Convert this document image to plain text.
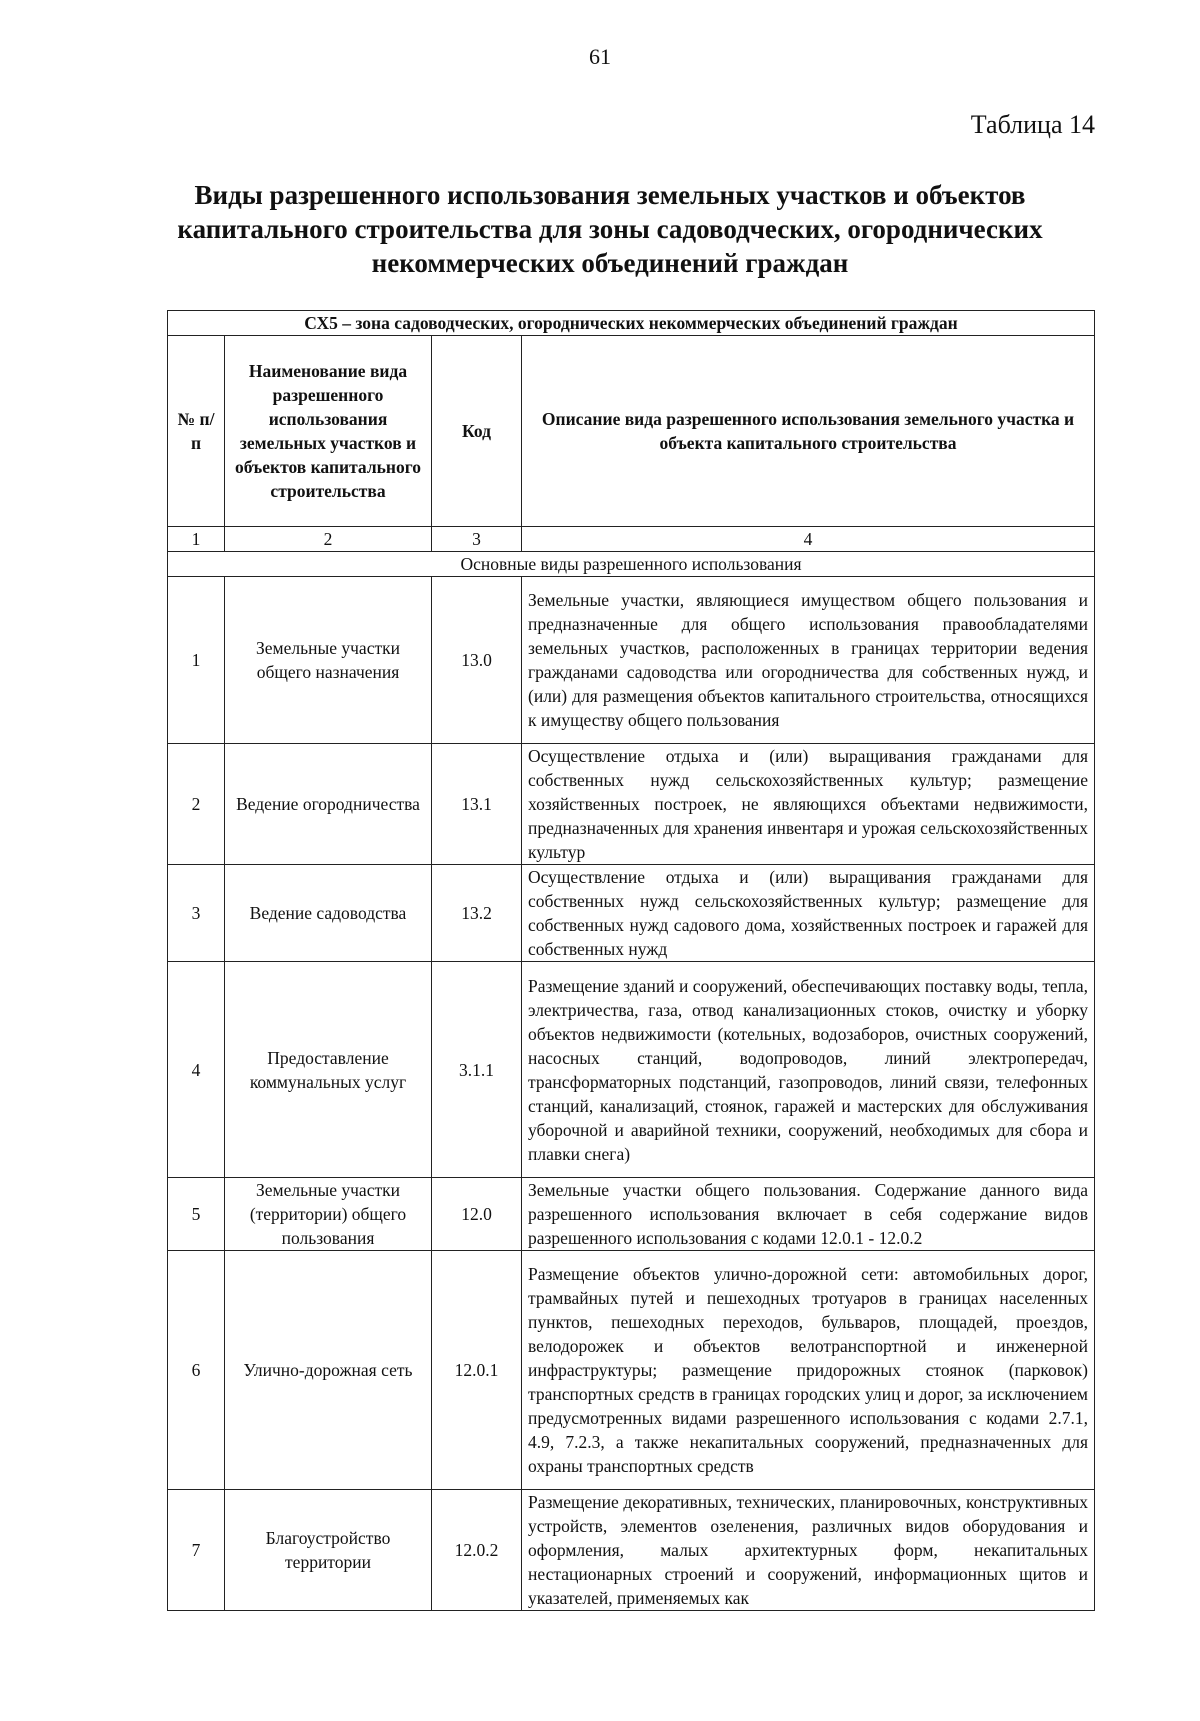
61
Таблица 14
Виды разрешенного использования земельных участков и объектов
капитального строительства для зоны садоводческих, огороднических
некоммерческих объединений граждан
СХ5 – зона садоводческих, огороднических некоммерческих объединений граждан			
№ п/п	Наименование вида разрешенного использования земельных участков и объектов капитального строительства	Код	Описание вида разрешенного использования земельного участка и объекта капитального строительства
1	2	3	4
Основные виды разрешенного использования			
1	Земельные участки общего назначения	13.0	Земельные участки, являющиеся имуществом общего пользования и предназначенные для общего использования правообладателями земельных участков, расположенных в границах территории ведения гражданами садоводства или огородничества для собственных нужд, и (или) для размещения объектов капитального строительства, относящихся к имуществу общего пользования
2	Ведение огородничества	13.1	Осуществление отдыха и (или) выращивания гражданами для собственных нужд сельскохозяйственных культур; размещение хозяйственных построек, не являющихся объектами недвижимости, предназначенных для хранения инвентаря и урожая сельскохозяйственных культур
3	Ведение садоводства	13.2	Осуществление отдыха и (или) выращивания гражданами для собственных нужд сельскохозяйственных культур; размещение для собственных нужд садового дома, хозяйственных построек и гаражей для собственных нужд
4	Предоставление коммунальных услуг	3.1.1	Размещение зданий и сооружений, обеспечивающих поставку воды, тепла, электричества, газа, отвод канализационных стоков, очистку и уборку объектов недвижимости (котельных, водозаборов, очистных сооружений, насосных станций, водопроводов, линий электропередач, трансформаторных подстанций, газопроводов, линий связи, телефонных станций, канализаций, стоянок, гаражей и мастерских для обслуживания уборочной и аварийной техники, сооружений, необходимых для сбора и плавки снега)
5	Земельные участки (территории) общего пользования	12.0	Земельные участки общего пользования. Содержание данного вида разрешенного использования включает в себя содержание видов разрешенного использования с кодами 12.0.1 - 12.0.2
6	Улично-дорожная сеть	12.0.1	Размещение объектов улично-дорожной сети: автомобильных дорог, трамвайных путей и пешеходных тротуаров в границах населенных пунктов, пешеходных переходов, бульваров, площадей, проездов, велодорожек и объектов велотранспортной и инженерной инфраструктуры; размещение придорожных стоянок (парковок) транспортных средств в границах городских улиц и дорог, за исключением предусмотренных видами разрешенного использования с кодами 2.7.1, 4.9, 7.2.3, а также некапитальных сооружений, предназначенных для охраны транспортных средств
7	Благоустройство территории	12.0.2	Размещение декоративных, технических, планировочных, конструктивных устройств, элементов озеленения, различных видов оборудования и оформления, малых архитектурных форм, некапитальных нестационарных строений и сооружений, информационных щитов и указателей, применяемых как
